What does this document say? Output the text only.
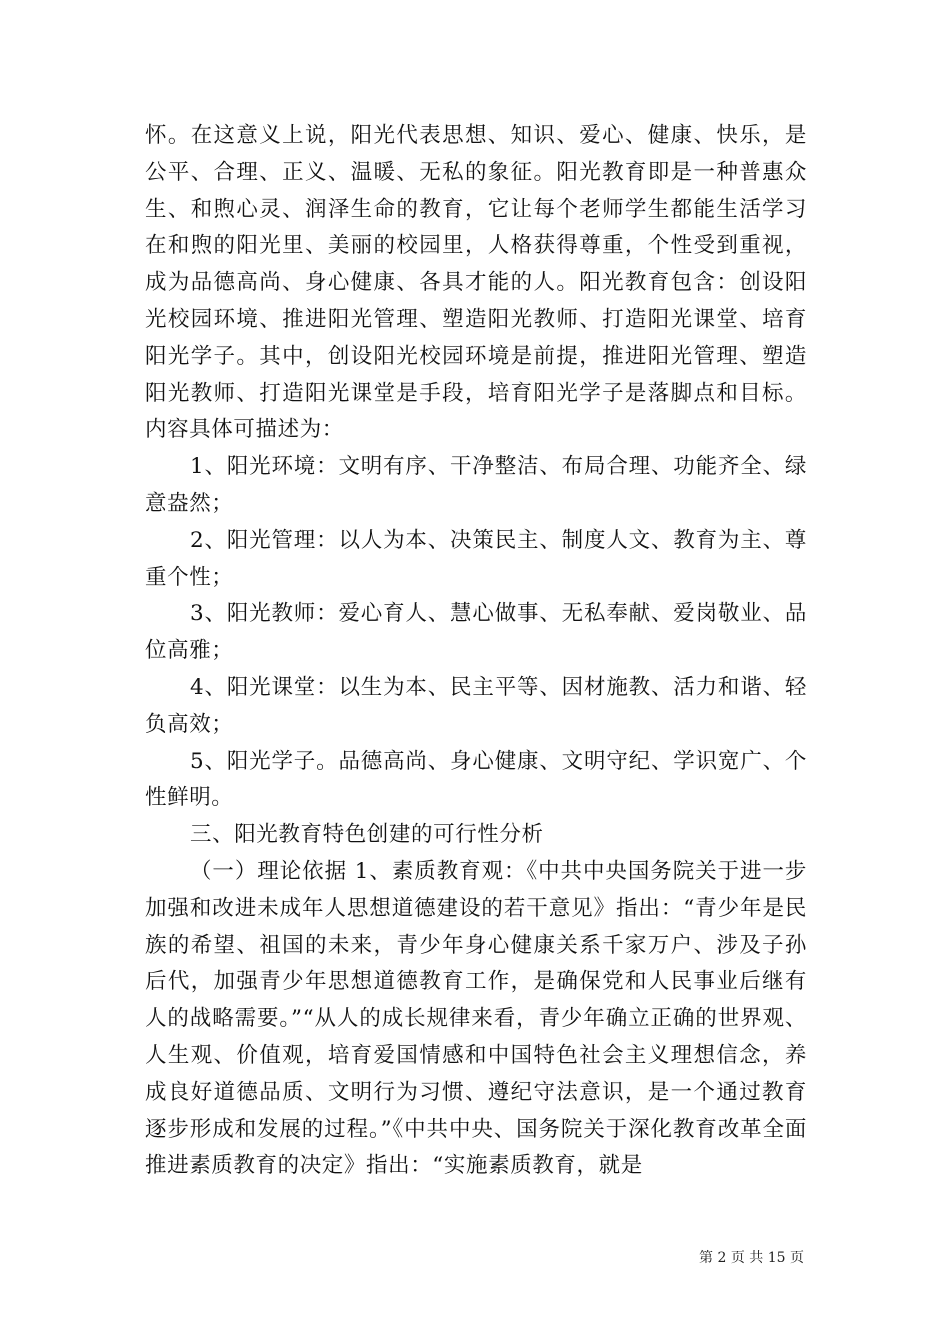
怀。在这意义上说，阳光代表思想、知识、爱心、健康、快乐，是公平、合理、正义、温暖、无私的象征。阳光教育即是一种普惠众生、和煦心灵、润泽生命的教育，它让每个老师学生都能生活学习在和煦的阳光里、美丽的校园里，人格获得尊重，个性受到重视，成为品德高尚、身心健康、各具才能的人。阳光教育包含：创设阳光校园环境、推进阳光管理、塑造阳光教师、打造阳光课堂、培育阳光学子。其中，创设阳光校园环境是前提，推进阳光管理、塑造阳光教师、打造阳光课堂是手段，培育阳光学子是落脚点和目标。内容具体可描述为：

1、阳光环境：文明有序、干净整洁、布局合理、功能齐全、绿意盎然；

2、阳光管理：以人为本、决策民主、制度人文、教育为主、尊重个性；

3、阳光教师：爱心育人、慧心做事、无私奉献、爱岗敬业、品位高雅；

4、阳光课堂：以生为本、民主平等、因材施教、活力和谐、轻负高效；

5、阳光学子。品德高尚、身心健康、文明守纪、学识宽广、个性鲜明。

三、阳光教育特色创建的可行性分析

（一）理论依据 1、素质教育观：《中共中央国务院关于进一步加强和改进未成年人思想道德建设的若干意见》指出：“青少年是民族的希望、祖国的未来，青少年身心健康关系千家万户、涉及子孙后代，加强青少年思想道德教育工作，是确保党和人民事业后继有人的战略需要。”“从人的成长规律来看，青少年确立正确的世界观、人生观、价值观，培育爱国情感和中国特色社会主义理想信念，养成良好道德品质、文明行为习惯、遵纪守法意识，是一个通过教育逐步形成和发展的过程。”《中共中央、国务院关于深化教育改革全面推进素质教育的决定》指出：“实施素质教育，就是

第 2 页 共 15 页
